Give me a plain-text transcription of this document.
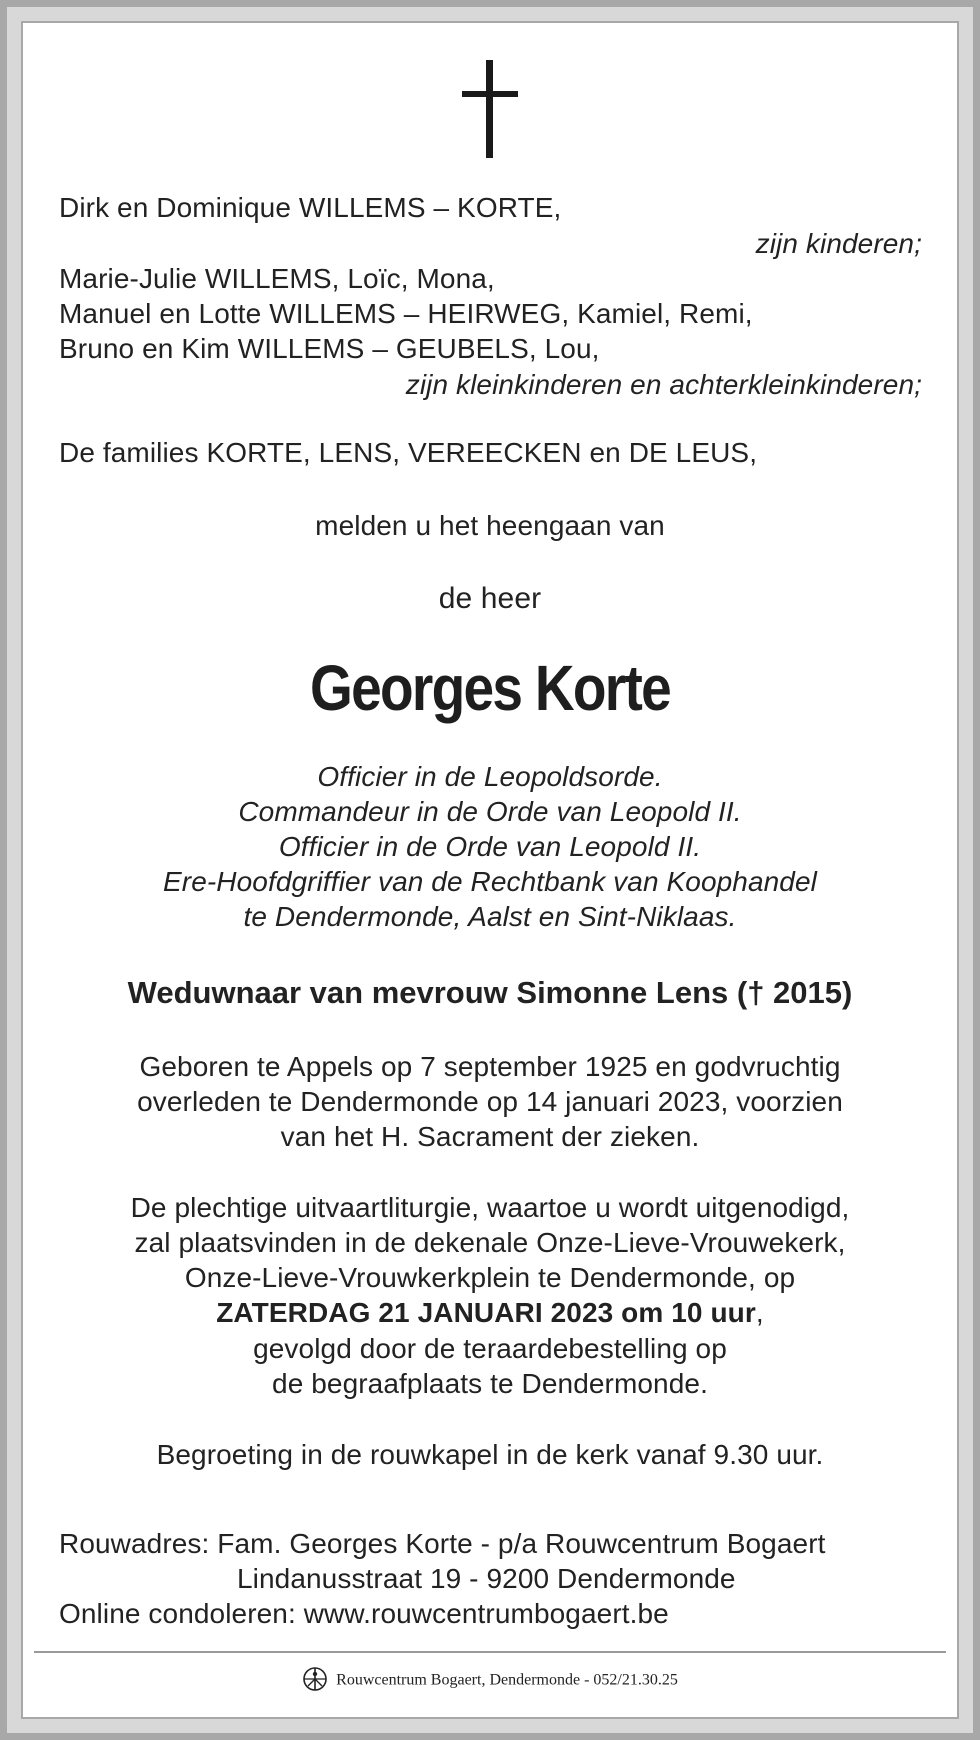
Dirk en Dominique WILLEMS – KORTE,
zijn kinderen;
Marie-Julie WILLEMS, Loïc, Mona,
Manuel en Lotte WILLEMS – HEIRWEG, Kamiel, Remi,
Bruno en Kim WILLEMS – GEUBELS, Lou,
zijn kleinkinderen en achterkleinkinderen;
De families KORTE, LENS, VEREECKEN en DE LEUS,
melden u het heengaan van
de heer
Georges Korte
Officier in de Leopoldsorde.
Commandeur in de Orde van Leopold II.
Officier in de Orde van Leopold II.
Ere-Hoofdgriffier van de Rechtbank van Koophandel
te Dendermonde, Aalst en Sint-Niklaas.
Weduwnaar van mevrouw Simonne Lens († 2015)
Geboren te Appels op 7 september 1925 en godvruchtig
overleden te Dendermonde op 14 januari 2023, voorzien
van het H. Sacrament der zieken.
De plechtige uitvaartliturgie, waartoe u wordt uitgenodigd,
zal plaatsvinden in de dekenale Onze-Lieve-Vrouwekerk,
Onze-Lieve-Vrouwkerkplein te Dendermonde, op
ZATERDAG 21 JANUARI 2023 om 10 uur,
gevolgd door de teraardebestelling op
de begraafplaats te Dendermonde.
Begroeting in de rouwkapel in de kerk vanaf 9.30 uur.
Rouwadres: Fam. Georges Korte - p/a Rouwcentrum Bogaert
Lindanusstraat 19 - 9200 Dendermonde
Online condoleren: www.rouwcentrumbogaert.be
Rouwcentrum Bogaert, Dendermonde - 052/21.30.25
